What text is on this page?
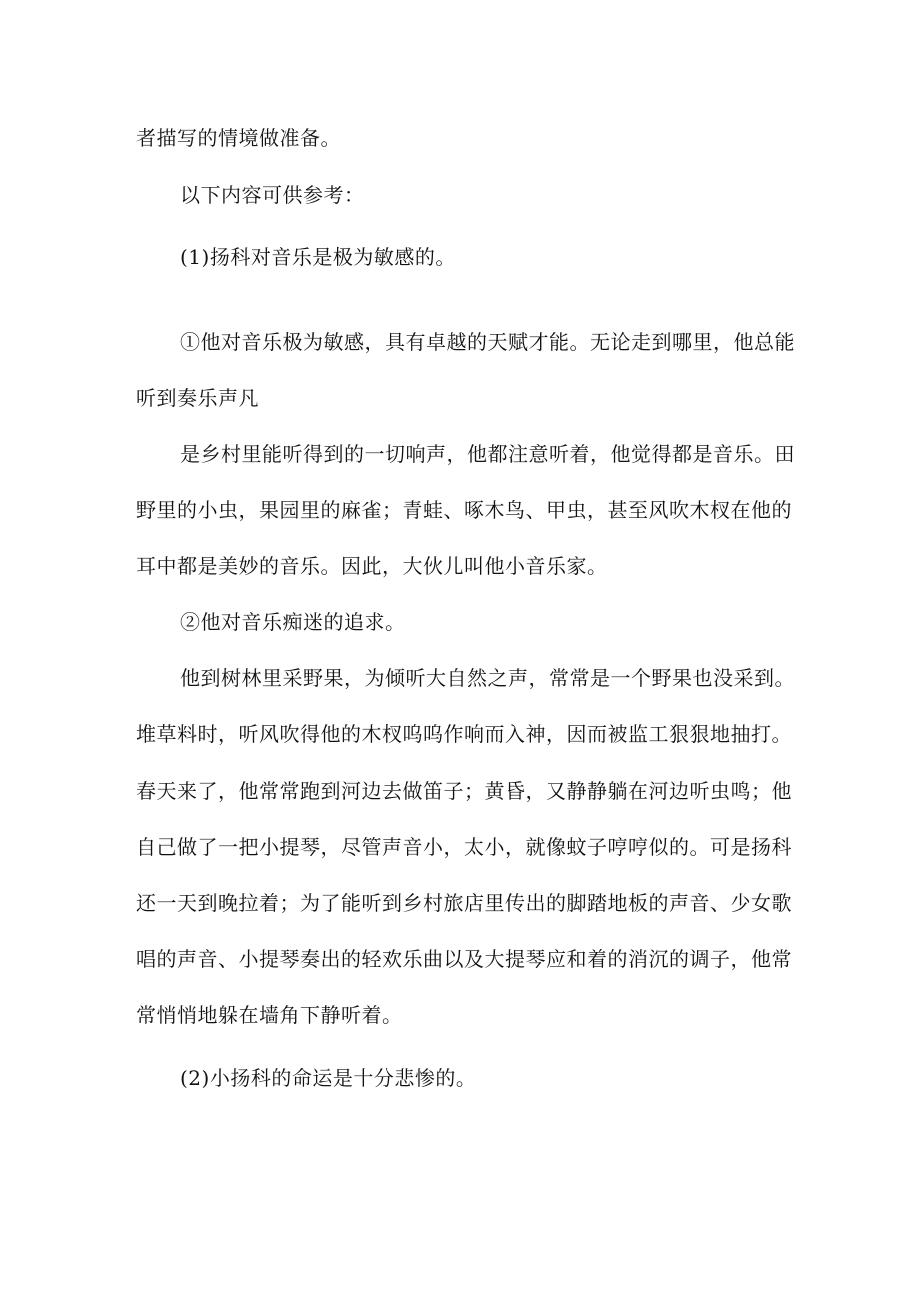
者描写的情境做准备。

以下内容可供参考：

(1)扬科对音乐是极为敏感的。

①他对音乐极为敏感，具有卓越的天赋才能。无论走到哪里，他总能

听到奏乐声凡

是乡村里能听得到的一切响声，他都注意听着，他觉得都是音乐。田

野里的小虫，果园里的麻雀；青蛙、啄木鸟、甲虫，甚至风吹木杈在他的

耳中都是美妙的音乐。因此，大伙儿叫他小音乐家。

②他对音乐痴迷的追求。

他到树林里采野果，为倾听大自然之声，常常是一个野果也没采到。

堆草料时，听风吹得他的木杈呜呜作响而入神，因而被监工狠狠地抽打。

春天来了，他常常跑到河边去做笛子；黄昏，又静静躺在河边听虫鸣；他

自己做了一把小提琴，尽管声音小，太小，就像蚊子哼哼似的。可是扬科

还一天到晚拉着；为了能听到乡村旅店里传出的脚踏地板的声音、少女歌

唱的声音、小提琴奏出的轻欢乐曲以及大提琴应和着的消沉的调子，他常

常悄悄地躲在墙角下静听着。

(2)小扬科的命运是十分悲惨的。
